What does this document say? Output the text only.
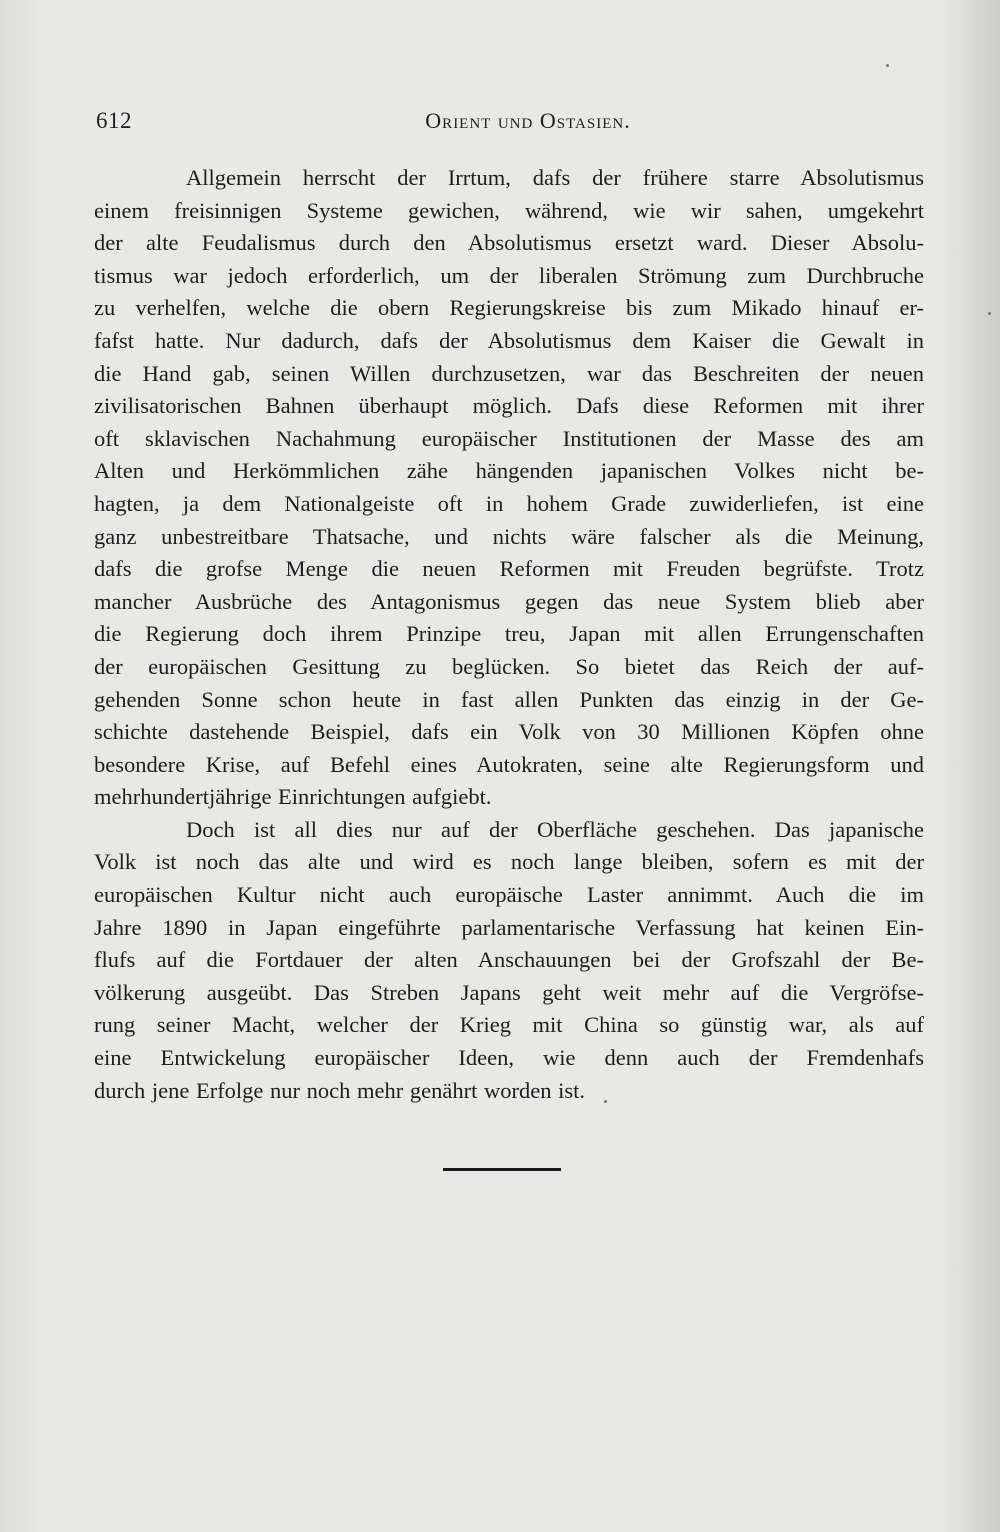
612	Orient und Ostasien.
Allgemein herrscht der Irrtum, dafs der frühere starre Absolutismus
einem freisinnigen Systeme gewichen, während, wie wir sahen, umgekehrt
der alte Feudalismus durch den Absolutismus ersetzt ward. Dieser Absolu-
tismus war jedoch erforderlich, um der liberalen Strömung zum Durchbruche
zu verhelfen, welche die obern Regierungskreise bis zum Mikado hinauf er-
fafst hatte. Nur dadurch, dafs der Absolutismus dem Kaiser die Gewalt in
die Hand gab, seinen Willen durchzusetzen, war das Beschreiten der neuen
zivilisatorischen Bahnen überhaupt möglich. Dafs diese Reformen mit ihrer
oft sklavischen Nachahmung europäischer Institutionen der Masse des am
Alten und Herkömmlichen zähe hängenden japanischen Volkes nicht be-
hagten, ja dem Nationalgeiste oft in hohem Grade zuwiderliefen, ist eine
ganz unbestreitbare Thatsache, und nichts wäre falscher als die Meinung,
dafs die grofse Menge die neuen Reformen mit Freuden begrüfste. Trotz
mancher Ausbrüche des Antagonismus gegen das neue System blieb aber
die Regierung doch ihrem Prinzipe treu, Japan mit allen Errungenschaften
der europäischen Gesittung zu beglücken. So bietet das Reich der auf-
gehenden Sonne schon heute in fast allen Punkten das einzig in der Ge-
schichte dastehende Beispiel, dafs ein Volk von 30 Millionen Köpfen ohne
besondere Krise, auf Befehl eines Autokraten, seine alte Regierungsform und
mehrhundertjährige Einrichtungen aufgiebt.
Doch ist all dies nur auf der Oberfläche geschehen. Das japanische
Volk ist noch das alte und wird es noch lange bleiben, sofern es mit der
europäischen Kultur nicht auch europäische Laster annimmt. Auch die im
Jahre 1890 in Japan eingeführte parlamentarische Verfassung hat keinen Ein-
flufs auf die Fortdauer der alten Anschauungen bei der Grofszahl der Be-
völkerung ausgeübt. Das Streben Japans geht weit mehr auf die Vergröfse-
rung seiner Macht, welcher der Krieg mit China so günstig war, als auf
eine Entwickelung europäischer Ideen, wie denn auch der Fremdenhafs
durch jene Erfolge nur noch mehr genährt worden ist.
